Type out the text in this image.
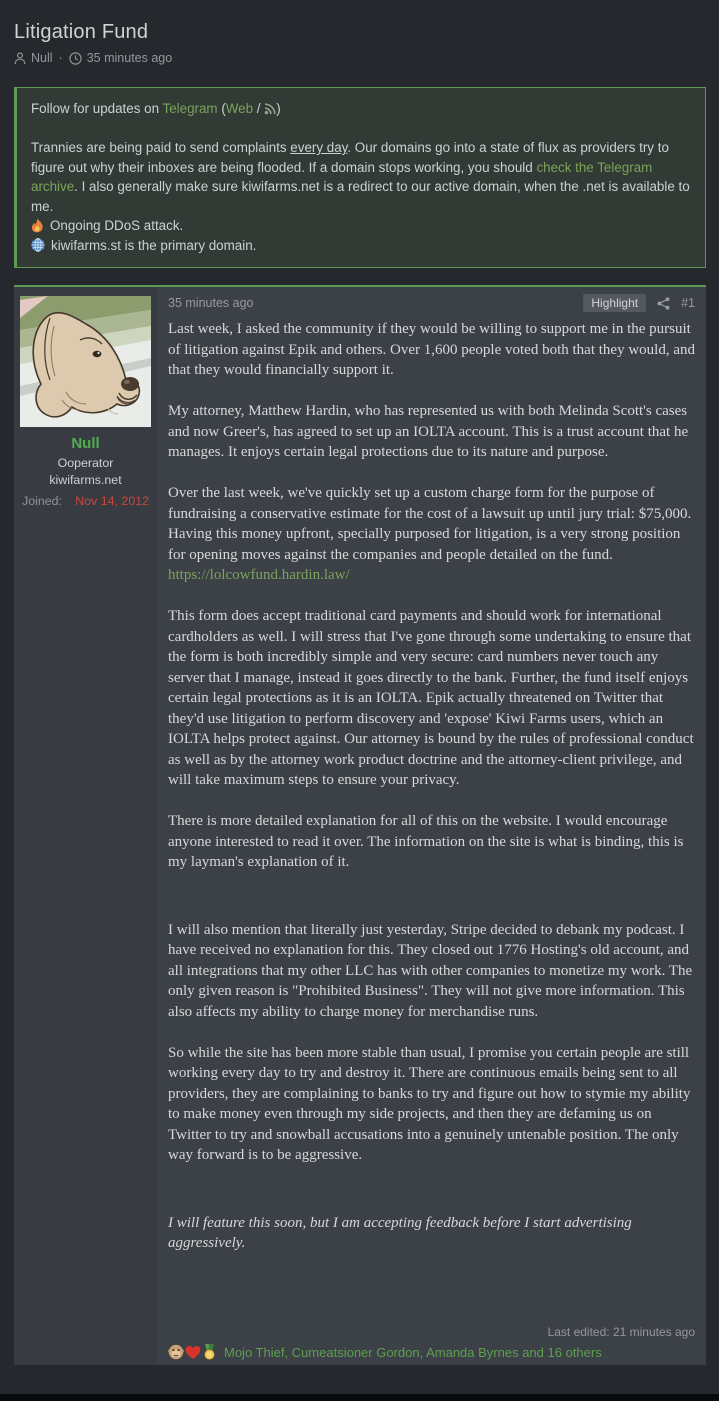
Litigation Fund
Null · 35 minutes ago

Follow for updates on Telegram (Web /
)

Trannies are being paid to send complaints every day. Our domains go into a state of flux as providers try to figure out why their inboxes are being flooded. If a domain stops working, you should check the Telegram archive. I also generally make sure kiwifarms.net is a redirect to our active domain, when the .net is available to me.

Ongoing DDoS attack.
kiwifarms.st is the primary domain.
Null
Ooperator
kiwifarms.net
Joined: Nov 14, 2012
35 minutes ago	Highlight	#1

Last week, I asked the community if they would be willing to support me in the pursuit of litigation against Epik and others. Over 1,600 people voted both that they would, and that they would financially support it.

My attorney, Matthew Hardin, who has represented us with both Melinda Scott's cases and now Greer's, has agreed to set up an IOLTA account. This is a trust account that he manages. It enjoys certain legal protections due to its nature and purpose.

Over the last week, we've quickly set up a custom charge form for the purpose of fundraising a conservative estimate for the cost of a lawsuit up until jury trial: $75,000. Having this money upfront, specially purposed for litigation, is a very strong position for opening moves against the companies and people detailed on the fund.

https://lolcowfund.hardin.law/

This form does accept traditional card payments and should work for international cardholders as well. I will stress that I've gone through some undertaking to ensure that the form is both incredibly simple and very secure: card numbers never touch any server that I manage, instead it goes directly to the bank. Further, the fund itself enjoys certain legal protections as it is an IOLTA. Epik actually threatened on Twitter that they'd use litigation to perform discovery and 'expose' Kiwi Farms users, which an IOLTA helps protect against. Our attorney is bound by the rules of professional conduct as well as by the attorney work product doctrine and the attorney-client privilege, and will take maximum steps to ensure your privacy.

There is more detailed explanation for all of this on the website. I would encourage anyone interested to read it over. The information on the site is what is binding, this is my layman's explanation of it.

I will also mention that literally just yesterday, Stripe decided to debank my podcast. I have received no explanation for this. They closed out 1776 Hosting's old account, and all integrations that my other LLC has with other companies to monetize my work. The only given reason is "Prohibited Business". They will not give more information. This also affects my ability to charge money for merchandise runs.

So while the site has been more stable than usual, I promise you certain people are still working every day to try and destroy it. There are continuous emails being sent to all providers, they are complaining to banks to try and figure out how to stymie my ability to make money even through my side projects, and then they are defaming us on Twitter to try and snowball accusations into a genuinely untenable position. The only way forward is to be aggressive.

I will feature this soon, but I am accepting feedback before I start advertising aggressively.

Last edited: 21 minutes ago
Mojo Thief, Cumeatsioner Gordon, Amanda Byrnes and 16 others
